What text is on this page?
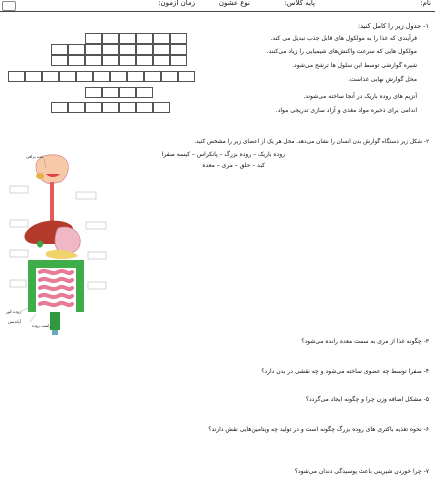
نام:
پایه کلاس:
نوع عشون
زمان آزمون:
۱- جدول زیر را کامل کنید:
فرآیندی که غذا را به مولکول های قابل جذب تبدیل می کند.
مولکول هایی که سرعت واکنش‌های شیمیایی را زیاد می‌کنند.
شیره گوارشی توسط این سلول ها ترشح می‌شود.
محل گوارش نهایی غذاست.
آنزیم های روده باریک در آنجا ساخته می‌شوند.
اندامی برای ذخیره مواد مغذی و آزاد سازی تدریجی مواد.
۲- شکل زیر دستگاه گوارش بدن انسان را نشان می‌دهد. محل هر یک از اعضای زیر را مشخص کنید.
روده باریک – روده بزرگ – پانکراس – کیسه صفرا
کبد – حلق – مری – معده
غده بزاقی
روده کور
آپاندیس
راست روده
۳- چگونه غذا از مری به سمت معده رانده می‌شود؟
۴- صفرا توسط چه عضوی ساخته می‌شود و چه نقشی در بدن دارد؟
۵- مشکل اضافه وزن چرا و چگونه ایجاد می‌گردد؟
۶- نحوه تغذیه باکتری های روده بزرگ چگونه است و در تولید چه ویتامین‌هایی نقش دارند؟
۷- چرا خوردن شیرینی باعث پوسیدگی دندان می‌شود؟
